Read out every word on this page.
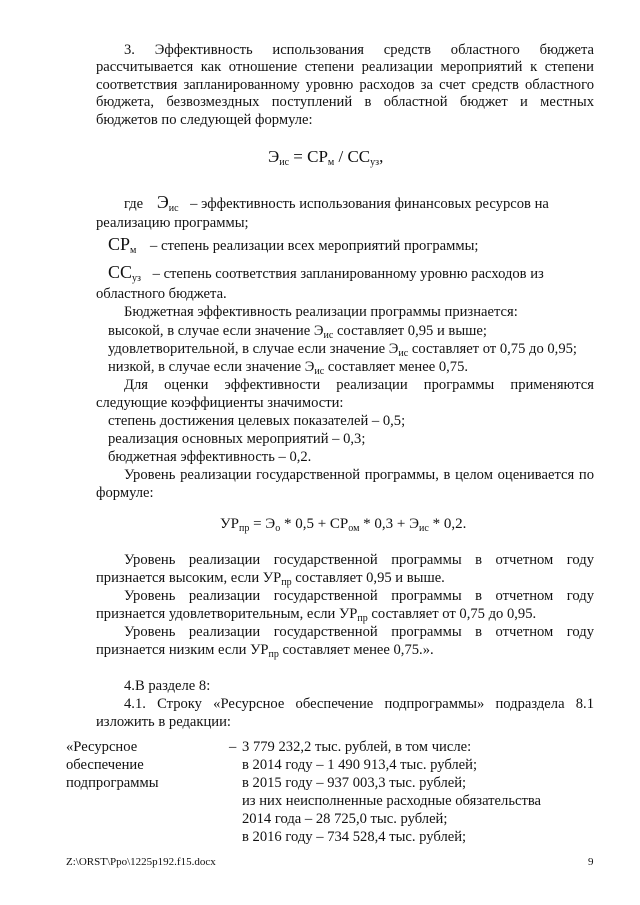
3. Эффективность использования средств областного бюджета

рассчитывается как отношение степени реализации мероприятий к степени соответствия запланированному уровню расходов за счет средств областного бюджета, безвозмездных поступлений в областной бюджет и местных бюджетов по следующей формуле:

$Э_{ис} = СР_м / СС_{уз}$,
где $Э_{ис}$ – эффективность использования финансовых ресурсов на

реализацию программы;

$СР_м$ – степень реализации всех мероприятий программы;
$СС_{уз}$ – степень соответствия запланированному уровню расходов из

областного бюджета.

Бюджетная эффективность реализации программы признается:

высокой, в случае если значение $Э_{ис}$ составляет 0,95 и выше;

удовлетворительной, в случае если значение $Э_{ис}$ составляет от 0,75 до 0,95;

низкой, в случае если значение $Э_{ис}$ составляет менее 0,75.

Для оценки эффективности реализации программы применяются

следующие коэффициенты значимости:

степень достижения целевых показателей – 0,5;

реализация основных мероприятий – 0,3;

бюджетная эффективность – 0,2.

Уровень реализации государственной программы, в целом оценивается по

формуле:

$УР_{пр} = Э_о * 0,5 + СР_{ом} * 0,3 + Э_{ис} * 0,2$.

Уровень реализации государственной программы в отчетном году

признается высоким, если $УР_{пр}$ составляет 0,95 и выше.

Уровень реализации государственной программы в отчетном году

признается удовлетворительным, если $УР_{пр}$ составляет от 0,75 до 0,95.

Уровень реализации государственной программы в отчетном году

признается низким если $УР_{пр}$ составляет менее 0,75.».

4.В разделе 8:

4.1. Строку «Ресурсное обеспечение подпрограммы» подраздела 8.1

изложить в редакции:

«Ресурсное
обеспечение
подпрограммы
– 3 779 232,2 тыс. рублей, в том числе:
в 2014 году – 1 490 913,4 тыс. рублей;
в 2015 году – 937 003,3 тыс. рублей;
из них неисполненные расходные обязательства
2014 года – 28 725,0 тыс. рублей;
в 2016 году – 734 528,4 тыс. рублей;
Z:\ORST\Ppo\1225p192.f15.docx	9
